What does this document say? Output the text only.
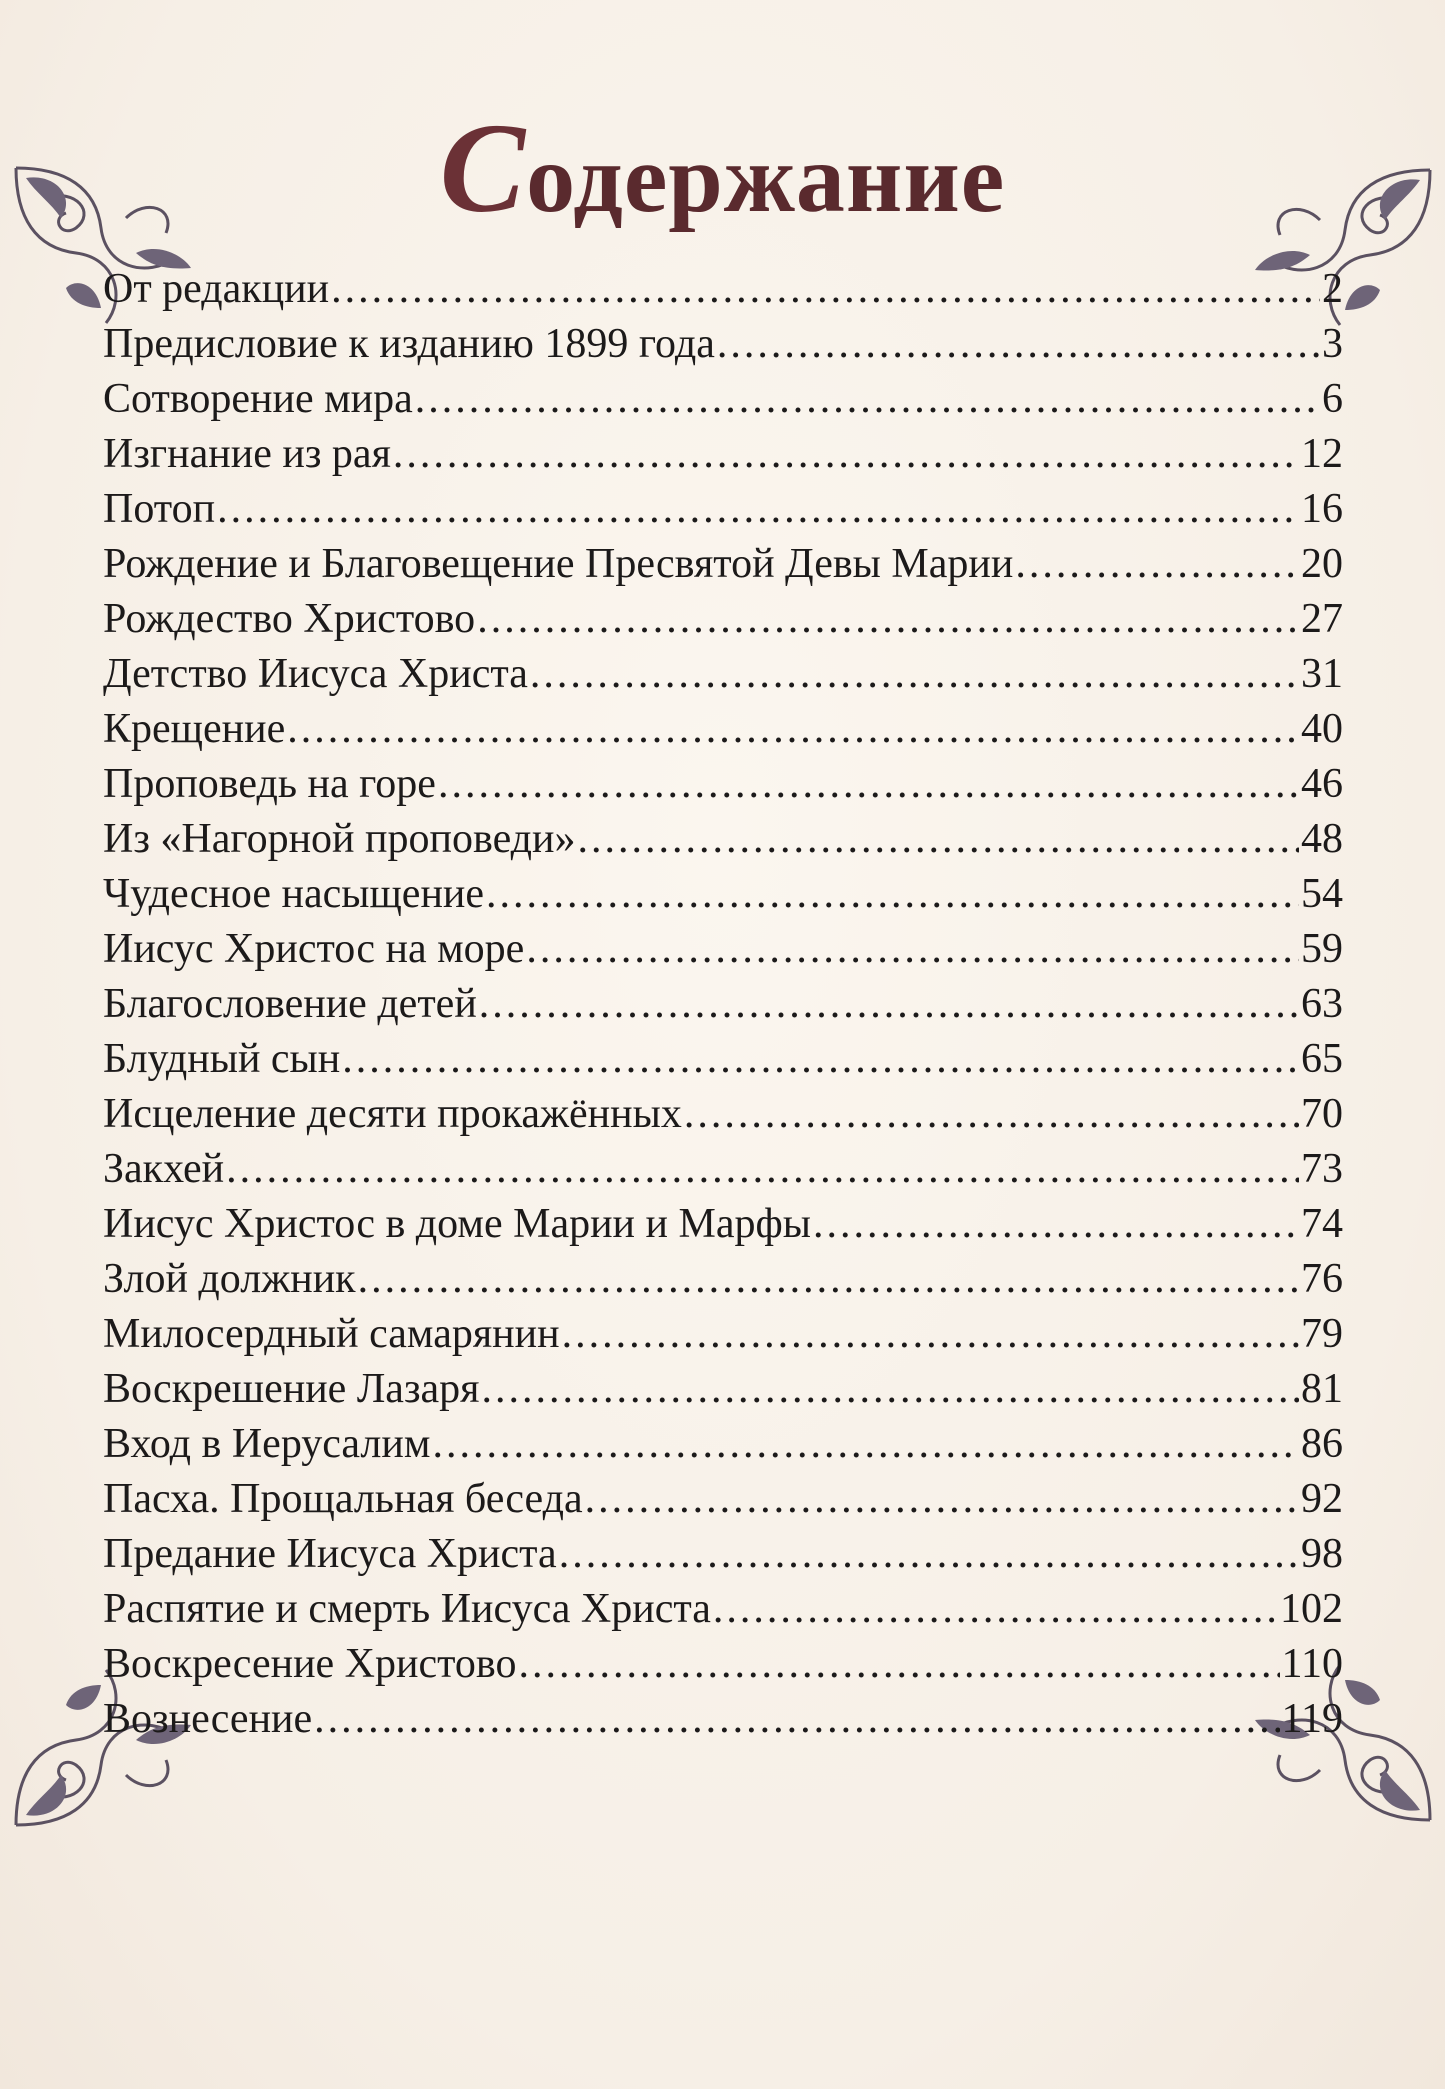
Содержание
От редакции .....	2
Предисловие к изданию 1899 года .....	3
Сотворение мира .....	6
Изгнание из рая .....	12
Потоп .....	16
Рождение и Благовещение Пресвятой Девы Марии .....	20
Рождество Христово .....	27
Детство Иисуса Христа .....	31
Крещение .....	40
Проповедь на горе .....	46
Из «Нагорной проповеди» .....	48
Чудесное насыщение .....	54
Иисус Христос на море .....	59
Благословение детей .....	63
Блудный сын .....	65
Исцеление десяти прокажённых .....	70
Закхей .....	73
Иисус Христос в доме Марии и Марфы .....	74
Злой должник .....	76
Милосердный самарянин .....	79
Воскрешение Лазаря .....	81
Вход в Иерусалим .....	86
Пасха. Прощальная беседа .....	92
Предание Иисуса Христа .....	98
Распятие и смерть Иисуса Христа .....	102
Воскресение Христово .....	110
Вознесение .....	119
